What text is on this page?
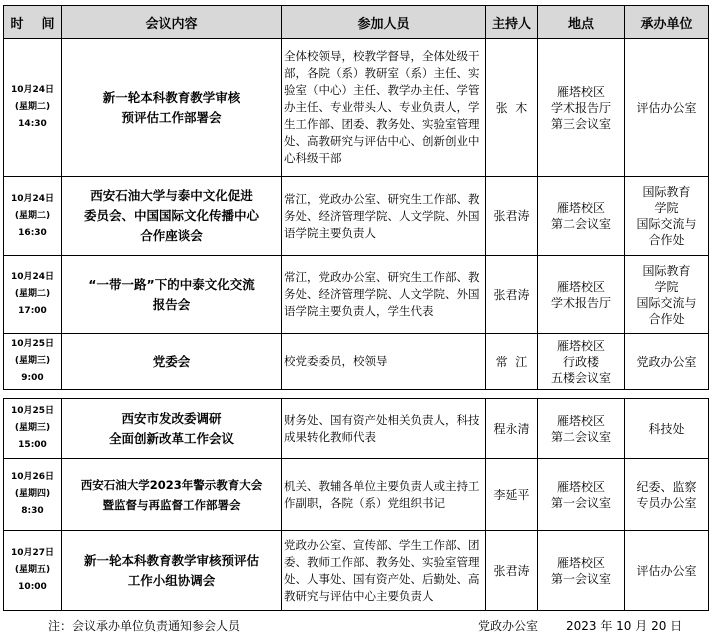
时    间	会议内容	参加人员	主持人	地点	承办单位

10月24日
(星期二)
14:30	新一轮本科教育教学审核
预评估工作部署会	全体校领导，校教学督导，全体处级干部，各院（系）教研室（系）主任、实验室（中心）主任、教学办主任、学管办主任、专业带头人、专业负责人，学生工作部、团委、教务处、实验室管理处、高教研究与评估中心、创新创业中心科级干部	张  木	雁塔校区
学术报告厅
第三会议室	评估办公室

10月24日
(星期二)
16:30	西安石油大学与泰中文化促进
委员会、中国国际文化传播中心
合作座谈会	常江，党政办公室、研究生工作部、教务处、经济管理学院、人文学院、外国语学院主要负责人	张君涛	雁塔校区
第二会议室	国际教育
学院
国际交流与
合作处

10月24日
(星期二)
17:00	“一带一路”下的中泰文化交流
报告会	常江，党政办公室、研究生工作部、教务处、经济管理学院、人文学院、外国语学院主要负责人，学生代表	张君涛	雁塔校区
学术报告厅	国际教育
学院
国际交流与
合作处

10月25日
(星期三)
9:00	党委会	校党委委员，校领导	常  江	雁塔校区
行政楼
五楼会议室	党政办公室
10月25日
(星期三)
15:00	西安市发改委调研
全面创新改革工作会议	财务处、国有资产处相关负责人，科技成果转化教师代表	程永清	雁塔校区
第二会议室	科技处

10月26日
(星期四)
8:30	西安石油大学2023年警示教育大会
暨监督与再监督工作部署会	机关、教辅各单位主要负责人或主持工作副职，各院（系）党组织书记	李延平	雁塔校区
第一会议室	纪委、监察
专员办公室

10月27日
(星期五)
10:00	新一轮本科教育教学审核预评估
工作小组协调会	党政办公室、宣传部、学生工作部、团委、教师工作部、教务处、实验室管理处、人事处、国有资产处、后勤处、高教研究与评估中心主要负责人	张君涛	雁塔校区
第一会议室	评估办公室
注：会议承办单位负责通知参会人员	党政办公室 2023 年 10 月 20 日
